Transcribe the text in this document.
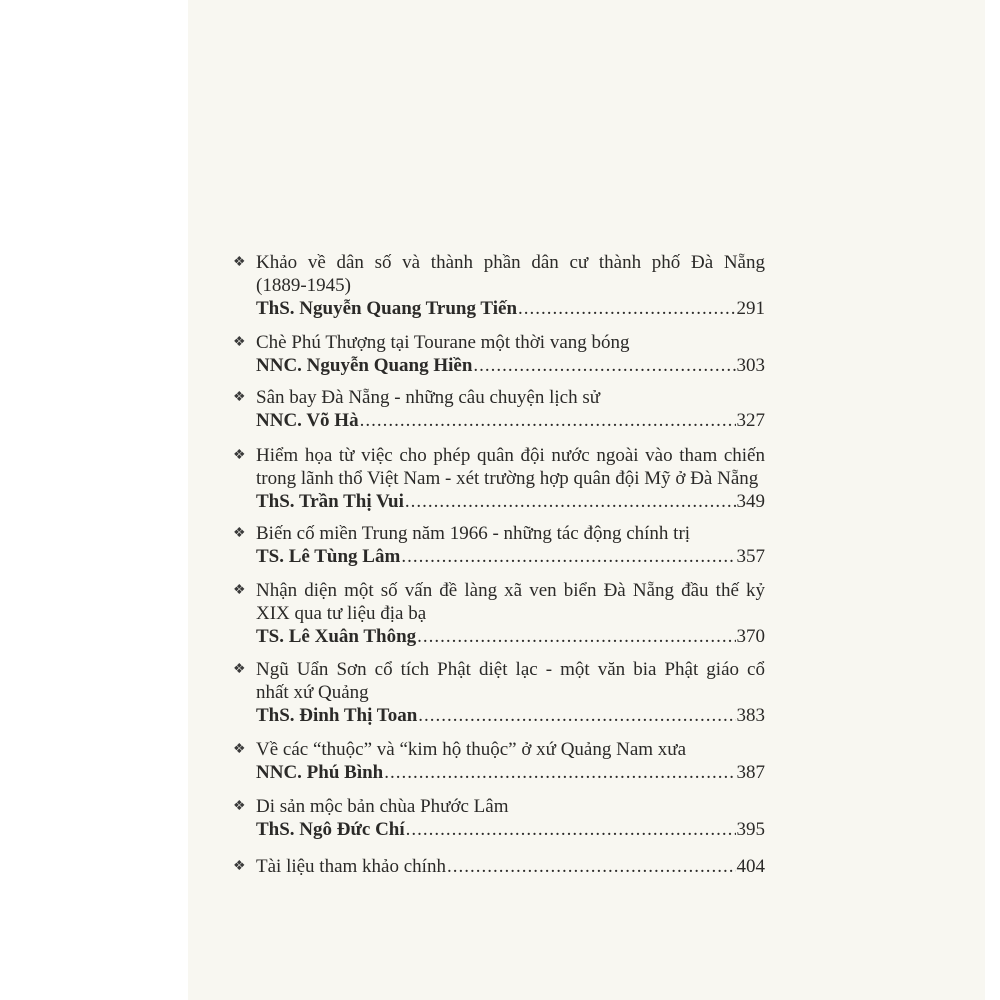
❖ Khảo về dân số và thành phần dân cư thành phố Đà Nẵng
(1889-1945)
ThS. Nguyễn Quang Trung Tiến .....	291
❖ Chè Phú Thượng tại Tourane một thời vang bóng
NNC. Nguyễn Quang Hiền .....	303
❖ Sân bay Đà Nẵng - những câu chuyện lịch sử
NNC. Võ Hà .....	327
❖ Hiểm họa từ việc cho phép quân đội nước ngoài vào tham chiến
trong lãnh thổ Việt Nam - xét trường hợp quân đội Mỹ ở Đà Nẵng
ThS. Trần Thị Vui .....	349
❖ Biến cố miền Trung năm 1966 - những tác động chính trị
TS. Lê Tùng Lâm .....	357
❖ Nhận diện một số vấn đề làng xã ven biển Đà Nẵng đầu thế kỷ
XIX qua tư liệu địa bạ
TS. Lê Xuân Thông .....	370
❖ Ngũ Uẩn Sơn cổ tích Phật diệt lạc - một văn bia Phật giáo cổ
nhất xứ Quảng
ThS. Đinh Thị Toan .....	383
❖ Về các “thuộc” và “kim hộ thuộc” ở xứ Quảng Nam xưa
NNC. Phú Bình .....	387
❖ Di sản mộc bản chùa Phước Lâm
ThS. Ngô Đức Chí .....	395
❖ Tài liệu tham khảo chính .....	404
